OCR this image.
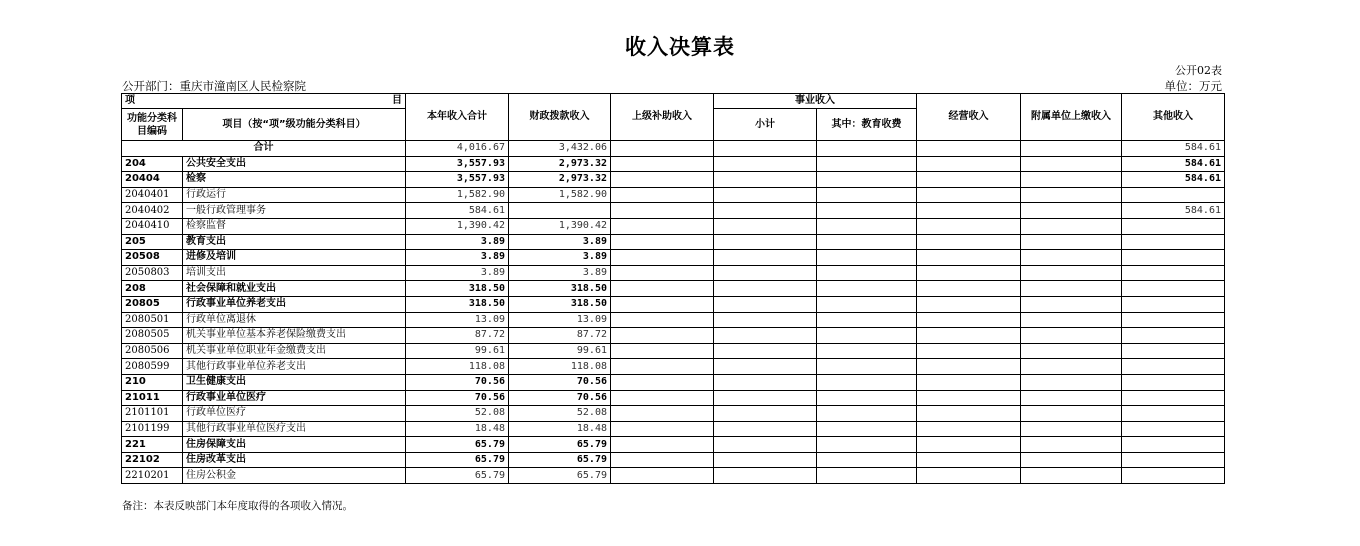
收入决算表
公开02表
公开部门：重庆市潼南区人民检察院	单位：万元
项 目		本年收入合计	财政拨款收入	上级补助收入	事业收入		经营收入	附属单位上缴收入	其他收入
功能分类科目编码	项目（按“项”级功能分类科目）								
					小计	其中：教育收费			
合计		4,016.67	3,432.06						584.61
204	公共安全支出	3,557.93	2,973.32						584.61
20404	检察	3,557.93	2,973.32						584.61
2040401	行政运行	1,582.90	1,582.90						
2040402	一般行政管理事务	584.61							584.61
2040410	检察监督	1,390.42	1,390.42						
205	教育支出	3.89	3.89						
20508	进修及培训	3.89	3.89						
2050803	培训支出	3.89	3.89						
208	社会保障和就业支出	318.50	318.50						
20805	行政事业单位养老支出	318.50	318.50						
2080501	行政单位离退休	13.09	13.09						
2080505	机关事业单位基本养老保险缴费支出	87.72	87.72						
2080506	机关事业单位职业年金缴费支出	99.61	99.61						
2080599	其他行政事业单位养老支出	118.08	118.08						
210	卫生健康支出	70.56	70.56						
21011	行政事业单位医疗	70.56	70.56						
2101101	行政单位医疗	52.08	52.08						
2101199	其他行政事业单位医疗支出	18.48	18.48						
221	住房保障支出	65.79	65.79						
22102	住房改革支出	65.79	65.79						
2210201	住房公积金	65.79	65.79						
备注：本表反映部门本年度取得的各项收入情况。
